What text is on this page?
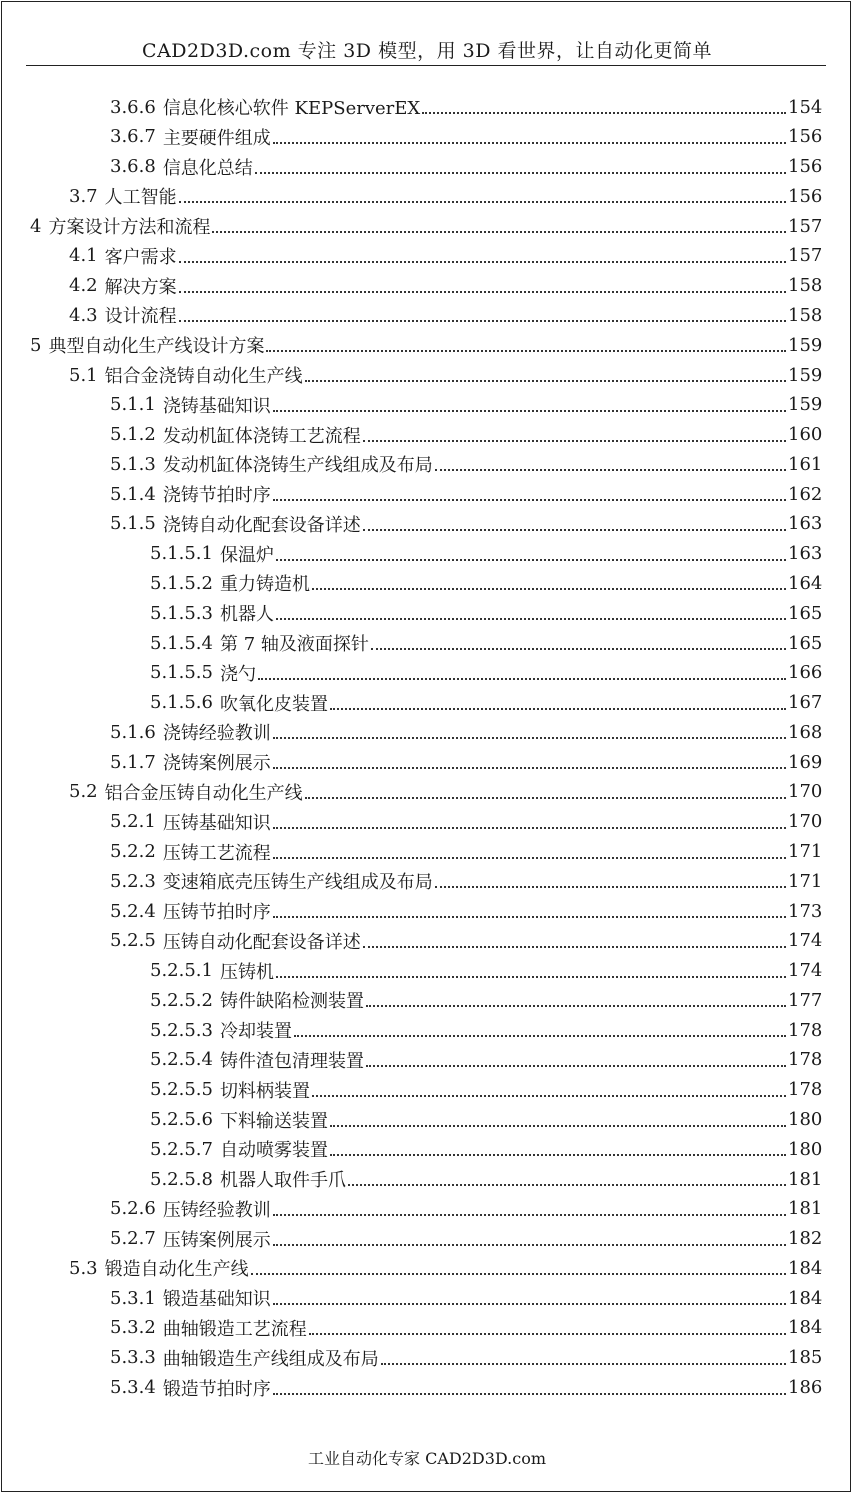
CAD2D3D.com 专注 3D 模型，用 3D 看世界，让自动化更简单
3.6.6 信息化核心软件 KEPServerEX	154
3.6.7 主要硬件组成	156
3.6.8 信息化总结	156
3.7 人工智能	156
4 方案设计方法和流程	157
4.1 客户需求	157
4.2 解决方案	158
4.3 设计流程	158
5 典型自动化生产线设计方案	159
5.1 铝合金浇铸自动化生产线	159
5.1.1 浇铸基础知识	159
5.1.2 发动机缸体浇铸工艺流程	160
5.1.3 发动机缸体浇铸生产线组成及布局	161
5.1.4 浇铸节拍时序	162
5.1.5 浇铸自动化配套设备详述	163
5.1.5.1 保温炉	163
5.1.5.2 重力铸造机	164
5.1.5.3 机器人	165
5.1.5.4 第 7 轴及液面探针	165
5.1.5.5 浇勺	166
5.1.5.6 吹氧化皮装置	167
5.1.6 浇铸经验教训	168
5.1.7 浇铸案例展示	169
5.2 铝合金压铸自动化生产线	170
5.2.1 压铸基础知识	170
5.2.2 压铸工艺流程	171
5.2.3 变速箱底壳压铸生产线组成及布局	171
5.2.4 压铸节拍时序	173
5.2.5 压铸自动化配套设备详述	174
5.2.5.1 压铸机	174
5.2.5.2 铸件缺陷检测装置	177
5.2.5.3 冷却装置	178
5.2.5.4 铸件渣包清理装置	178
5.2.5.5 切料柄装置	178
5.2.5.6 下料输送装置	180
5.2.5.7 自动喷雾装置	180
5.2.5.8 机器人取件手爪	181
5.2.6 压铸经验教训	181
5.2.7 压铸案例展示	182
5.3 锻造自动化生产线	184
5.3.1 锻造基础知识	184
5.3.2 曲轴锻造工艺流程	184
5.3.3 曲轴锻造生产线组成及布局	185
5.3.4 锻造节拍时序	186
工业自动化专家 CAD2D3D.com
